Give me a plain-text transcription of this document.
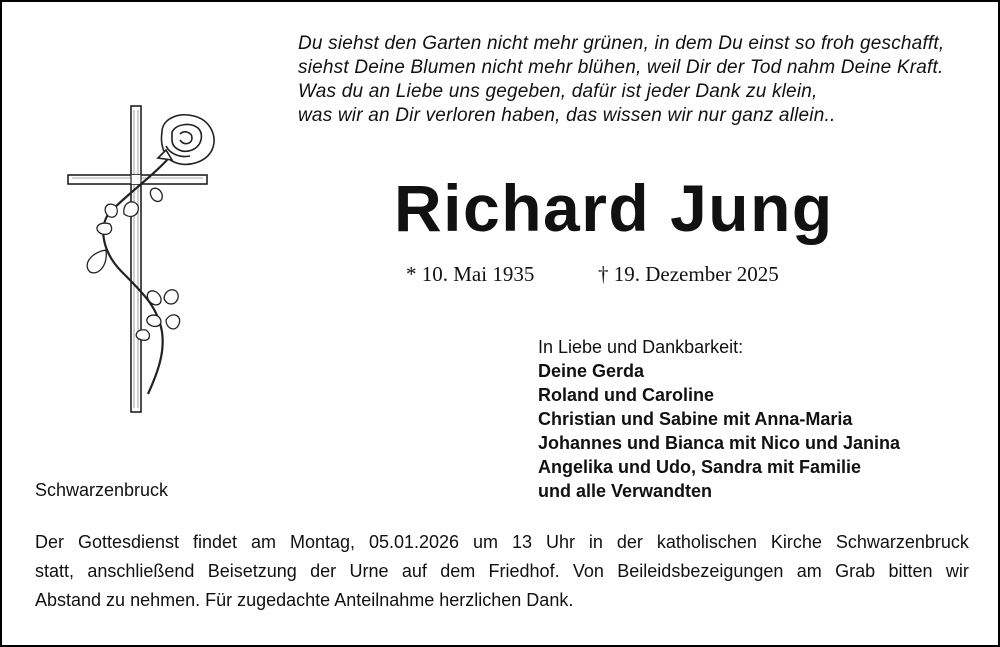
Du siehst den Garten nicht mehr grünen, in dem Du einst so froh geschafft,
siehst Deine Blumen nicht mehr blühen, weil Dir der Tod nahm Deine Kraft.
Was du an Liebe uns gegeben, dafür ist jeder Dank zu klein,
was wir an Dir verloren haben, das wissen wir nur ganz allein..
Richard Jung
* 10. Mai 1935	† 19. Dezember 2025
In Liebe und Dankbarkeit:
Deine Gerda
Roland und Caroline
Christian und Sabine mit Anna-Maria
Johannes und Bianca mit Nico und Janina
Angelika und Udo, Sandra mit Familie
und alle Verwandten
Schwarzenbruck
Der Gottesdienst findet am Montag, 05.01.2026 um 13 Uhr in der katholischen Kirche Schwarzenbruck
statt, anschließend Beisetzung der Urne auf dem Friedhof. Von Beileidsbezeigungen am Grab bitten wir
Abstand zu nehmen. Für zugedachte Anteilnahme herzlichen Dank.
